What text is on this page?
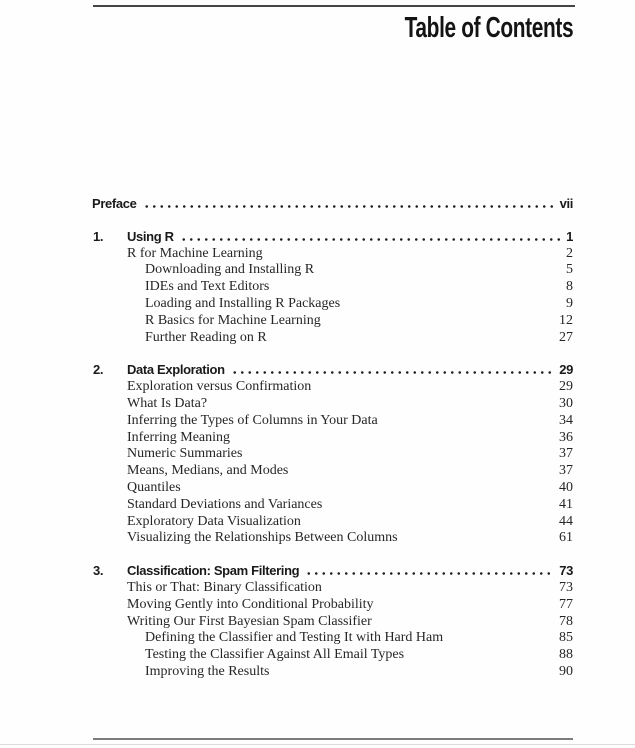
Table of Contents
Preface	vii
1.	Using R	1
R for Machine Learning	2
Downloading and Installing R	5
IDEs and Text Editors	8
Loading and Installing R Packages	9
R Basics for Machine Learning	12
Further Reading on R	27
2.	Data Exploration	29
Exploration versus Confirmation	29
What Is Data?	30
Inferring the Types of Columns in Your Data	34
Inferring Meaning	36
Numeric Summaries	37
Means, Medians, and Modes	37
Quantiles	40
Standard Deviations and Variances	41
Exploratory Data Visualization	44
Visualizing the Relationships Between Columns	61
3.	Classification: Spam Filtering	73
This or That: Binary Classification	73
Moving Gently into Conditional Probability	77
Writing Our First Bayesian Spam Classifier	78
Defining the Classifier and Testing It with Hard Ham	85
Testing the Classifier Against All Email Types	88
Improving the Results	90
